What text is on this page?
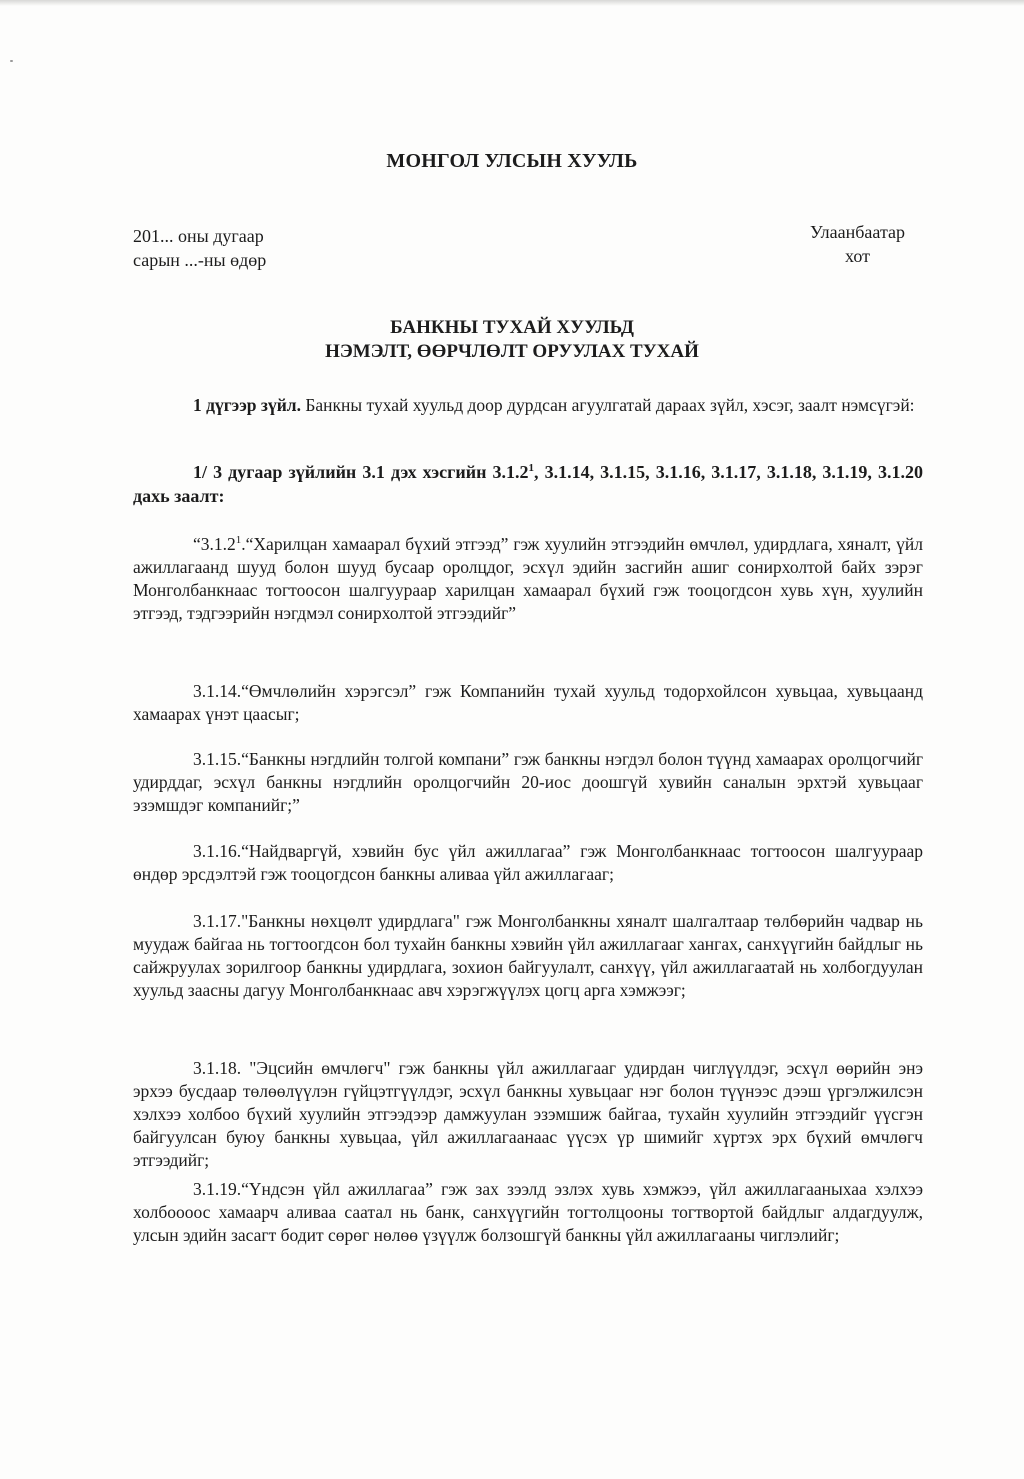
МОНГОЛ УЛСЫН ХУУЛЬ
201... оны дугаар
сарын ...-ны өдөр
Улаанбаатар
хот
БАНКНЫ ТУХАЙ ХУУЛЬД
НЭМЭЛТ, ӨӨРЧЛӨЛТ ОРУУЛАХ ТУХАЙ
1 дүгээр зүйл. Банкны тухай хуульд доор дурдсан агуулгатай дараах зүйл, хэсэг, заалт нэмсүгэй:
1/ 3 дугаар зүйлийн 3.1 дэх хэсгийн 3.1.2$^1$, 3.1.14, 3.1.15, 3.1.16, 3.1.17, 3.1.18, 3.1.19, 3.1.20 дахь заалт:
“3.1.2$^1$.“Харилцан хамаарал бүхий этгээд” гэж хуулийн этгээдийн өмчлөл, удирдлага, хяналт, үйл ажиллагаанд шууд болон шууд бусаар оролцдог, эсхүл эдийн засгийн ашиг сонирхолтой байх зэрэг Монголбанкнаас тогтоосон шалгуураар харилцан хамаарал бүхий гэж тооцогдсон хувь хүн, хуулийн этгээд, тэдгээрийн нэгдмэл сонирхолтой этгээдийг”
3.1.14.“Өмчлөлийн хэрэгсэл” гэж Компанийн тухай хуульд тодорхойлсон хувьцаа, хувьцаанд хамаарах үнэт цаасыг;
3.1.15.“Банкны нэгдлийн толгой компани” гэж банкны нэгдэл болон түүнд хамаарах оролцогчийг удирддаг, эсхүл банкны нэгдлийн оролцогчийн 20-иос доошгүй хувийн саналын эрхтэй хувьцааг эзэмшдэг компанийг;”
3.1.16.“Найдваргүй, хэвийн бус үйл ажиллагаа” гэж Монголбанкнаас тогтоосон шалгуураар өндөр эрсдэлтэй гэж тооцогдсон банкны аливаа үйл ажиллагааг;
3.1.17."Банкны нөхцөлт удирдлага" гэж Монголбанкны хяналт шалгалтаар төлбөрийн чадвар нь муудаж байгаа нь тогтоогдсон бол тухайн банкны хэвийн үйл ажиллагааг хангах, санхүүгийн байдлыг нь сайжруулах зорилгоор банкны удирдлага, зохион байгуулалт, санхүү, үйл ажиллагаатай нь холбогдуулан хуульд заасны дагуу Монголбанкнаас авч хэрэгжүүлэх цогц арга хэмжээг;
3.1.18. "Эцсийн өмчлөгч" гэж банкны үйл ажиллагааг удирдан чиглүүлдэг, эсхүл өөрийн энэ эрхээ бусдаар төлөөлүүлэн гүйцэтгүүлдэг, эсхүл банкны хувьцааг нэг болон түүнээс дээш үргэлжилсэн хэлхээ холбоо бүхий хуулийн этгээдээр дамжуулан эзэмшиж байгаа, тухайн хуулийн этгээдийг үүсгэн байгуулсан буюу банкны хувьцаа, үйл ажиллагаанаас үүсэх үр шимийг хүртэх эрх бүхий өмчлөгч этгээдийг;
3.1.19.“Үндсэн үйл ажиллагаа” гэж зах зээлд эзлэх хувь хэмжээ, үйл ажиллагааныхаа хэлхээ холбоооос хамаарч аливаа саатал нь банк, санхүүгийн тогтолцооны тогтвортой байдлыг алдагдуулж, улсын эдийн засагт бодит сөрөг нөлөө үзүүлж болзошгүй банкны үйл ажиллагааны чиглэлийг;
